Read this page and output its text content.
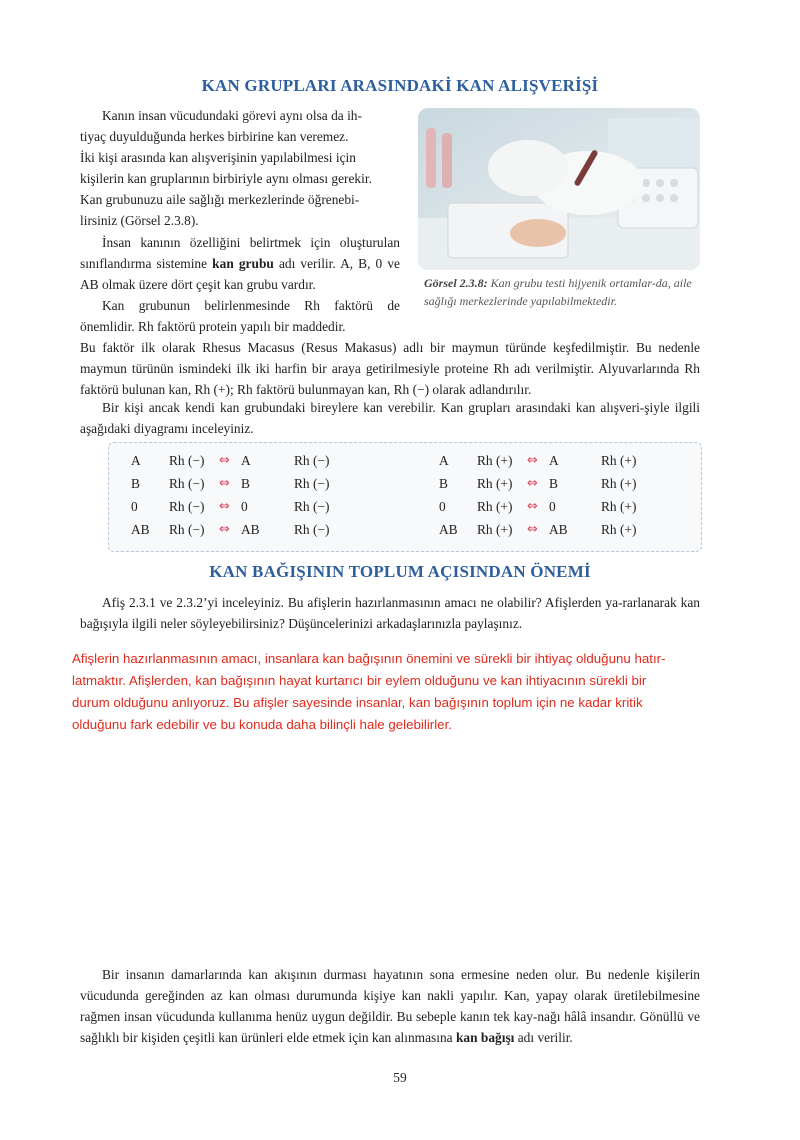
KAN GRUPLARI ARASINDAKİ KAN ALIŞVERİŞİ
Kanın insan vücudundaki görevi aynı olsa da ih-
tiyaç duyulduğunda herkes birbirine kan veremez.
İki kişi arasında kan alışverişinin yapılabilmesi için
kişilerin kan gruplarının birbiriyle aynı olması gerekir.
Kan grubunuzu aile sağlığı merkezlerinde öğrenebi-
lirsiniz (Görsel 2.3.8).

İnsan kanının özelliğini belirtmek için oluşturulan sınıflandırma sistemine kan grubu adı verilir. A, B, 0 ve AB olmak üzere dört çeşit kan grubu vardır.

Kan grubunun belirlenmesinde Rh faktörü de önemlidir. Rh faktörü protein yapılı bir maddedir.

Görsel 2.3.8: Kan grubu testi hijyenik ortamlar-da, aile sağlığı merkezlerinde yapılabilmektedir.
Bu faktör ilk olarak Rhesus Macasus (Resus Makasus) adlı bir maymun türünde keşfedilmiştir. Bu nedenle maymun türünün ismindeki ilk iki harfin bir araya getirilmesiyle proteine Rh adı verilmiştir. Alyuvarlarında Rh faktörü bulunan kan, Rh (+); Rh faktörü bulunmayan kan, Rh (−) olarak adlandırılır.

Bir kişi ancak kendi kan grubundaki bireylere kan verebilir. Kan grupları arasındaki kan alışveri-şiyle ilgili aşağıdaki diyagramı inceleyiniz.

A Rh (−) ⇔ A	Rh (−)	A Rh (+) ⇔ A	Rh (+)
B Rh (−) ⇔ B	Rh (−)	B Rh (+) ⇔ B	Rh (+)
0 Rh (−) ⇔ 0	Rh (−)	0 Rh (+) ⇔ 0	Rh (+)
AB Rh (−) ⇔ AB	Rh (−)	AB Rh (+) ⇔ AB Rh (+)
KAN BAĞIŞININ TOPLUM AÇISINDAN ÖNEMİ

Afiş 2.3.1 ve 2.3.2’yi inceleyiniz. Bu afişlerin hazırlanmasının amacı ne olabilir? Afişlerden ya-rarlanarak kan bağışıyla ilgili neler söyleyebilirsiniz? Düşüncelerinizi arkadaşlarınızla paylaşınız.

Afişlerin hazırlanmasının amacı, insanlara kan bağışının önemini ve sürekli bir ihtiyaç olduğunu hatır-
latmaktır. Afişlerden, kan bağışının hayat kurtarıcı bir eylem olduğunu ve kan ihtiyacının sürekli bir
durum olduğunu anlıyoruz. Bu afişler sayesinde insanlar, kan bağışının toplum için ne kadar kritik
olduğunu fark edebilir ve bu konuda daha bilinçli hale gelebilirler.

Bir insanın damarlarında kan akışının durması hayatının sona ermesine neden olur. Bu nedenle kişilerin vücudunda gereğinden az kan olması durumunda kişiye kan nakli yapılır. Kan, yapay olarak üretilebilmesine rağmen insan vücudunda kullanıma henüz uygun değildir. Bu sebeple kanın tek kay-nağı hâlâ insandır. Gönüllü ve sağlıklı bir kişiden çeşitli kan ürünleri elde etmek için kan alınmasına kan bağışı adı verilir.

59
